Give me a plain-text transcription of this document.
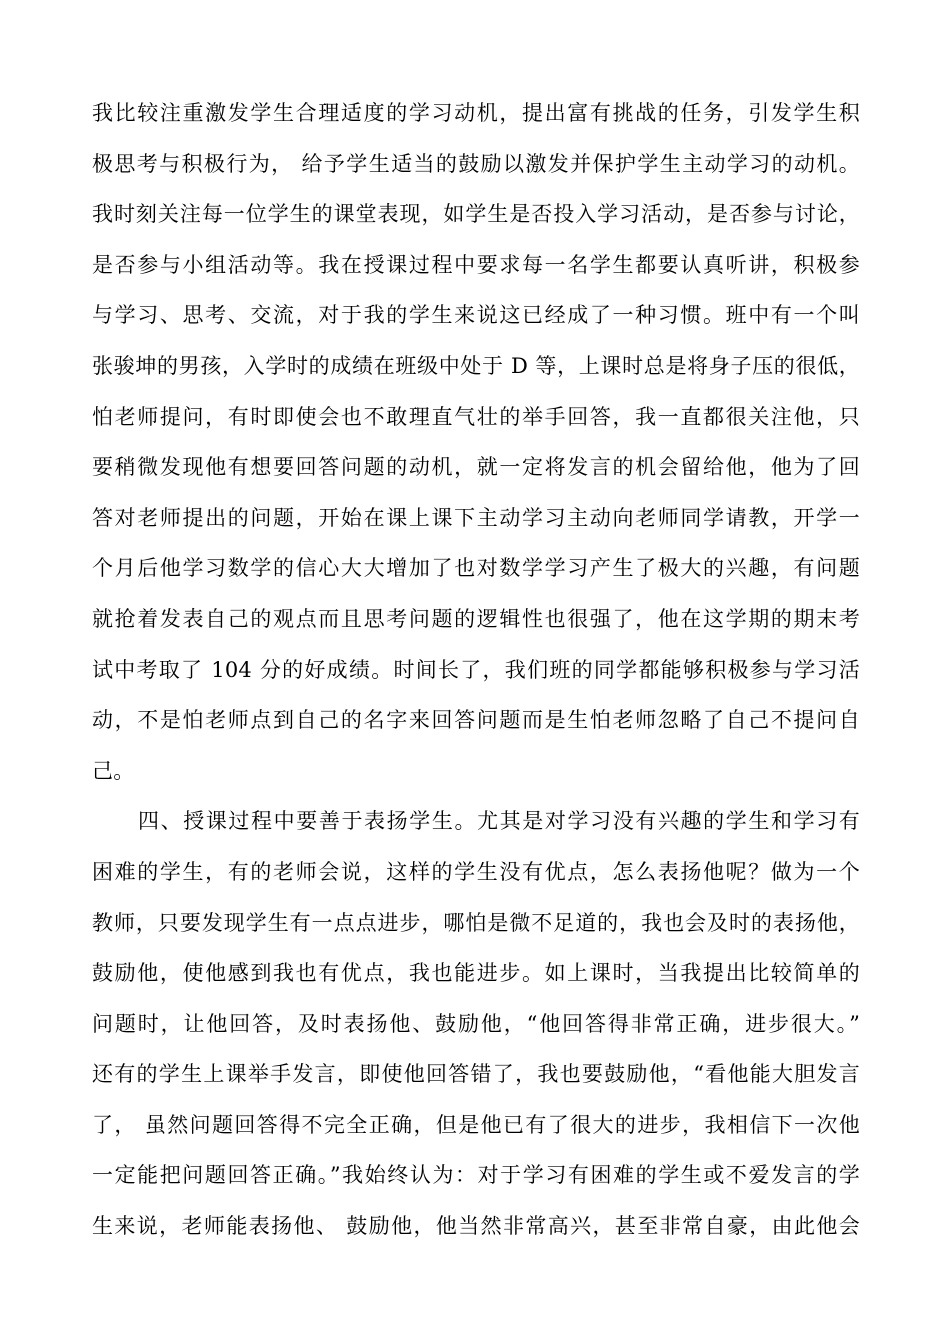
我比较注重激发学生合理适度的学习动机，提出富有挑战的任务，引发学生积
极思考与积极行为， 给予学生适当的鼓励以激发并保护学生主动学习的动机。
我时刻关注每一位学生的课堂表现，如学生是否投入学习活动，是否参与讨论，
是否参与小组活动等。我在授课过程中要求每一名学生都要认真听讲，积极参
与学习、思考、交流，对于我的学生来说这已经成了一种习惯。班中有一个叫
张骏坤的男孩，入学时的成绩在班级中处于 D 等，上课时总是将身子压的很低，
怕老师提问，有时即使会也不敢理直气壮的举手回答，我一直都很关注他，只
要稍微发现他有想要回答问题的动机，就一定将发言的机会留给他，他为了回
答对老师提出的问题，开始在课上课下主动学习主动向老师同学请教，开学一
个月后他学习数学的信心大大增加了也对数学学习产生了极大的兴趣，有问题
就抢着发表自己的观点而且思考问题的逻辑性也很强了，他在这学期的期末考
试中考取了 104 分的好成绩。时间长了，我们班的同学都能够积极参与学习活
动，不是怕老师点到自己的名字来回答问题而是生怕老师忽略了自己不提问自
己。
四、授课过程中要善于表扬学生。尤其是对学习没有兴趣的学生和学习有
困难的学生，有的老师会说，这样的学生没有优点，怎么表扬他呢？做为一个
教师，只要发现学生有一点点进步，哪怕是微不足道的，我也会及时的表扬他，
鼓励他，使他感到我也有优点，我也能进步。如上课时，当我提出比较简单的
问题时，让他回答，及时表扬他、鼓励他，“他回答得非常正确，进步很大。”
还有的学生上课举手发言，即使他回答错了，我也要鼓励他，“看他能大胆发言
了， 虽然问题回答得不完全正确，但是他已有了很大的进步，我相信下一次他
一定能把问题回答正确。”我始终认为：对于学习有困难的学生或不爱发言的学
生来说，老师能表扬他、 鼓励他，他当然非常高兴，甚至非常自豪，由此他会
